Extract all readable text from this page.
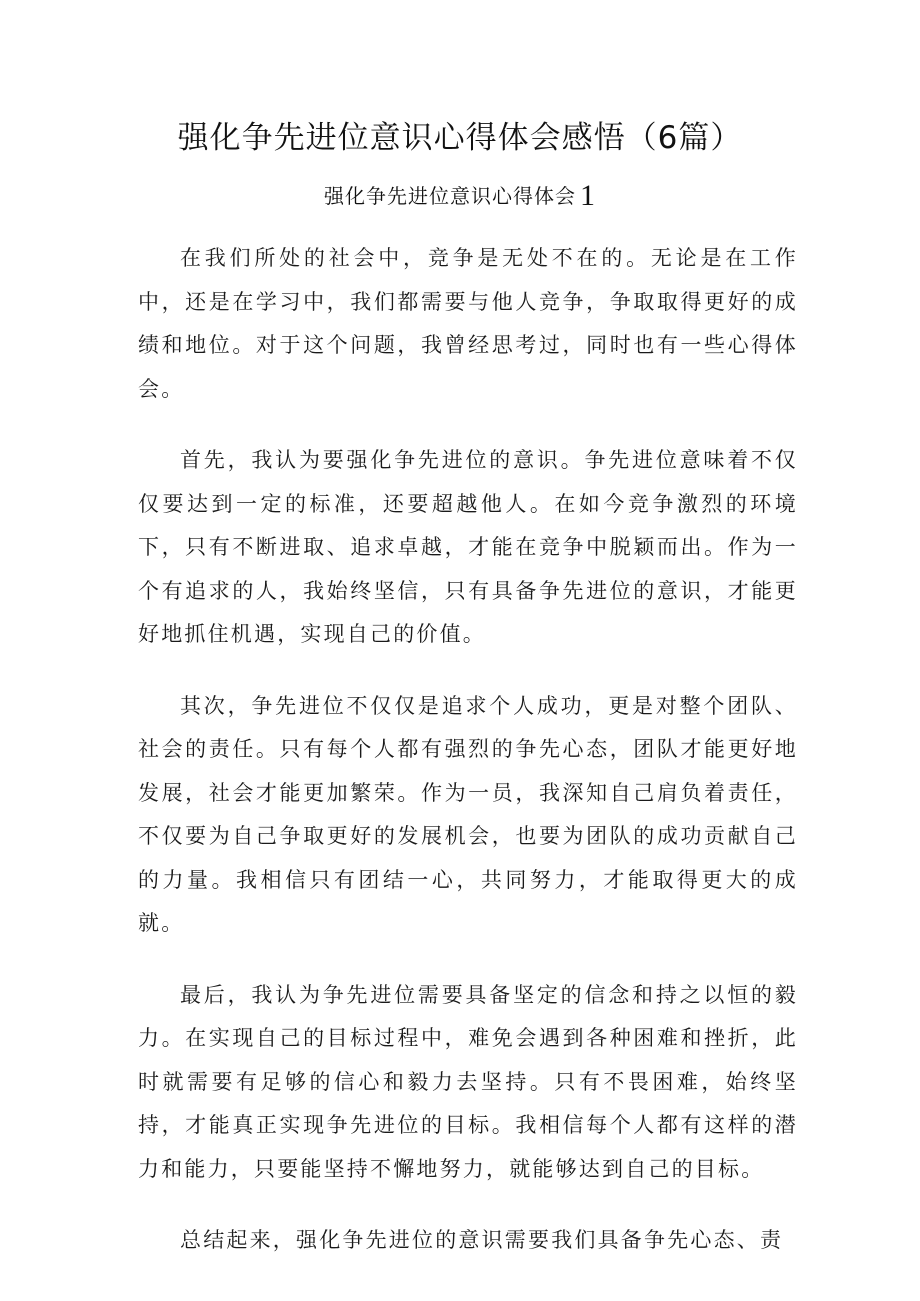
强化争先进位意识心得体会感悟（6篇）
强化争先进位意识心得体会 1

在我们所处的社会中，竞争是无处不在的。无论是在工作中，还是在学习中，我们都需要与他人竞争，争取取得更好的成绩和地位。对于这个问题，我曾经思考过，同时也有一些心得体会。

首先，我认为要强化争先进位的意识。争先进位意味着不仅仅要达到一定的标准，还要超越他人。在如今竞争激烈的环境下，只有不断进取、追求卓越，才能在竞争中脱颖而出。作为一个有追求的人，我始终坚信，只有具备争先进位的意识，才能更好地抓住机遇，实现自己的价值。

其次，争先进位不仅仅是追求个人成功，更是对整个团队、社会的责任。只有每个人都有强烈的争先心态，团队才能更好地发展，社会才能更加繁荣。作为一员，我深知自己肩负着责任，不仅要为自己争取更好的发展机会，也要为团队的成功贡献自己的力量。我相信只有团结一心，共同努力，才能取得更大的成就。

最后，我认为争先进位需要具备坚定的信念和持之以恒的毅力。在实现自己的目标过程中，难免会遇到各种困难和挫折，此时就需要有足够的信心和毅力去坚持。只有不畏困难，始终坚持，才能真正实现争先进位的目标。我相信每个人都有这样的潜力和能力，只要能坚持不懈地努力，就能够达到自己的目标。

总结起来，强化争先进位的意识需要我们具备争先心态、责
